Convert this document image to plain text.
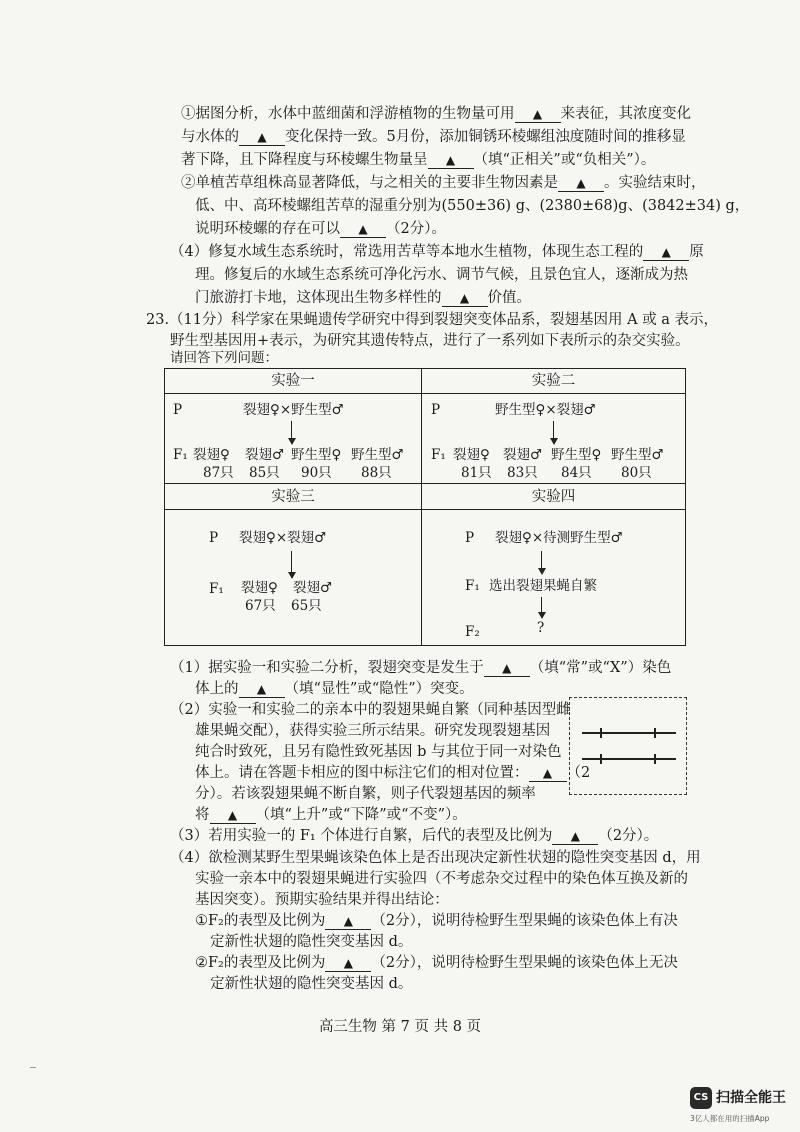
①据图分析，水体中蓝细菌和浮游植物的生物量可用 ▲ 来表征，其浓度变化
与水体的 ▲ 变化保持一致。5月份，添加铜锈环棱螺组浊度随时间的推移显
著下降，且下降程度与环棱螺生物量呈 ▲ （填“正相关”或“负相关”）。
②单植苦草组株高显著降低，与之相关的主要非生物因素是 ▲ 。实验结束时，
低、中、高环棱螺组苦草的湿重分别为(550±36) g、(2380±68)g、(3842±34) g，
说明环棱螺的存在可以 ▲ （2分）。
（4）修复水域生态系统时，常选用苦草等本地水生植物，体现生态工程的 ▲ 原
理。修复后的水域生态系统可净化污水、调节气候，且景色宜人，逐渐成为热
门旅游打卡地，这体现出生物多样性的 ▲ 价值。
23.（11分）科学家在果蝇遗传学研究中得到裂翅突变体品系，裂翅基因用 A 或 a 表示，
野生型基因用+表示，为研究其遗传特点，进行了一系列如下表所示的杂交实验。
实验一
P	裂翅♀×野生型♂
F₁ 裂翅♀ 裂翅♂ 野生型♀ 野生型♂
87只 85只 90只 88只
实验二
P	野生型♀×裂翅♂
F₁ 裂翅♀ 裂翅♂ 野生型♀ 野生型♂
81只 83只 84只 80只
实验三
P 裂翅♀×裂翅♂
F₁ 裂翅♀ 裂翅♂
67只 65只
实验四
P 裂翅♀×待测野生型♂
F₁ 选出裂翅果蝇自繁
F₂	?
（1）据实验一和实验二分析，裂翅突变是发生于 ▲ （填“常”或“X”）染色
体上的 ▲ （填“显性”或“隐性”）突变。
（2）实验一和实验二的亲本中的裂翅果蝇自繁（同种基因型雌
雄果蝇交配），获得实验三所示结果。研究发现裂翅基因
纯合时致死，且另有隐性致死基因 b 与其位于同一对染色
体上。请在答题卡相应的图中标注它们的相对位置： ▲ （2
分）。若该裂翅果蝇不断自繁，则子代裂翅基因的频率
将 ▲ （填“上升”或“下降”或“不变”）。
（3）若用实验一的 F₁ 个体进行自繁，后代的表型及比例为 ▲ （2分）。
（4）欲检测某野生型果蝇该染色体上是否出现决定新性状翅的隐性突变基因 d，用
实验一亲本中的裂翅果蝇进行实验四（不考虑杂交过程中的染色体互换及新的
基因突变）。预期实验结果并得出结论：
①F₂的表型及比例为 ▲ （2分），说明待检野生型果蝇的该染色体上有决
定新性状翅的隐性突变基因 d。
②F₂的表型及比例为 ▲ （2分），说明待检野生型果蝇的该染色体上无决
定新性状翅的隐性突变基因 d。
高三生物 第 7 页 共 8 页
CS 扫描全能王
3亿人都在用的扫描App
请回答下列问题：
